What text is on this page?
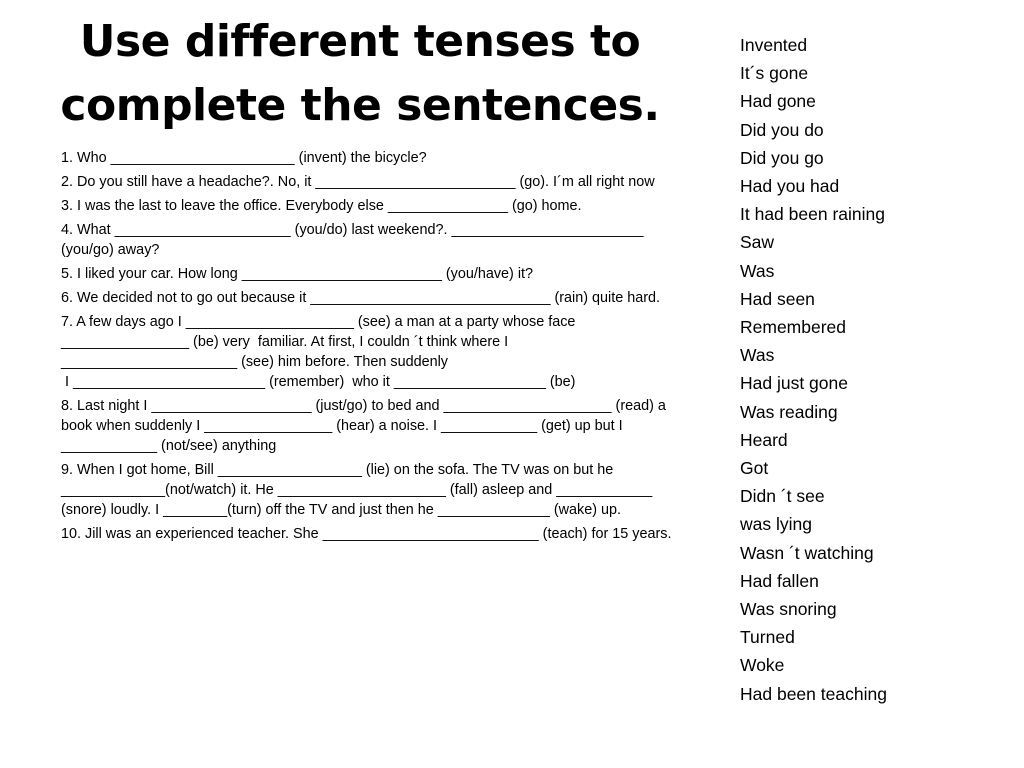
Use different tenses to complete the sentences.
1. Who _______________________ (invent) the bicycle?
2. Do you still have a headache?. No, it _________________________ (go). I´m all right now
3. I was the last to leave the office. Everybody else _______________ (go) home.
4. What ______________________ (you/do) last weekend?. ________________________ (you/go) away?
5. I liked your car. How long _________________________ (you/have) it?
6. We decided not to go out because it ______________________________ (rain) quite hard.
7. A few days ago I _____________________ (see) a man at a party whose face ________________ (be) very  familiar. At first, I couldn ´t think where I ______________________ (see) him before. Then suddenly
I ________________________ (remember)  who it ___________________ (be)
8. Last night I ____________________ (just/go) to bed and _____________________ (read) a book when suddenly I ________________ (hear) a noise. I ____________ (get) up but I ____________ (not/see) anything
9. When I got home, Bill __________________ (lie) on the sofa. The TV was on but he _____________(not/watch) it. He _____________________ (fall) asleep and ____________ (snore) loudly. I ________(turn) off the TV and just then he ______________ (wake) up.
10. Jill was an experienced teacher. She ___________________________ (teach) for 15 years.
Invented
It´s gone
Had gone
Did you do
Did you go
Had you had
It had been raining
Saw
Was
Had seen
Remembered
Was
Had just gone
Was reading
Heard
Got
Didn ´t see
was lying
Wasn ´t watching
Had fallen
Was snoring
Turned
Woke
Had been teaching
